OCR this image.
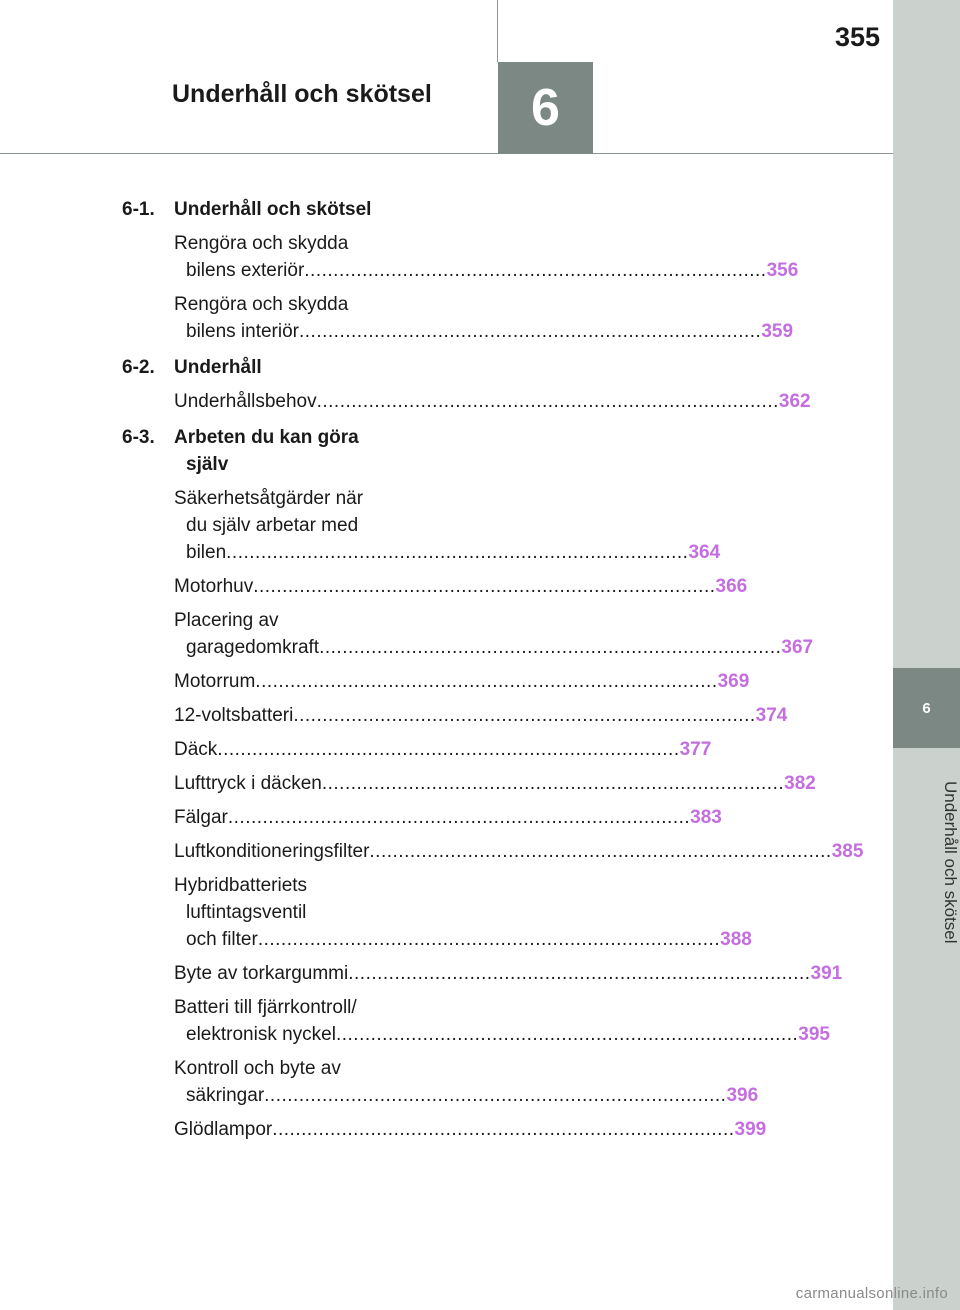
355
Underhåll och skötsel	6
6
Underhåll och skötsel
6-1.	Underhåll och skötsel
Rengöra och skydda
bilens exteriör ................................................................................ 356
Rengöra och skydda
bilens interiör ................................................................................ 359
6-2.	Underhåll
Underhållsbehov ................................................................................ 362
6-3.	Arbeten du kan göra
själv
Säkerhetsåtgärder när
du själv arbetar med
bilen ................................................................................ 364
Motorhuv ................................................................................ 366
Placering av
garagedomkraft ................................................................................ 367
Motorrum ................................................................................ 369
12-voltsbatteri ................................................................................ 374
Däck ................................................................................ 377
Lufttryck i däcken ................................................................................ 382
Fälgar ................................................................................ 383
Luftkonditioneringsfilter ................................................................................ 385
Hybridbatteriets
luftintagsventil
och filter ................................................................................ 388
Byte av torkargummi ................................................................................ 391
Batteri till fjärrkontroll/
elektronisk nyckel ................................................................................ 395
Kontroll och byte av
säkringar ................................................................................ 396
Glödlampor ................................................................................ 399
carmanualsonline.info
